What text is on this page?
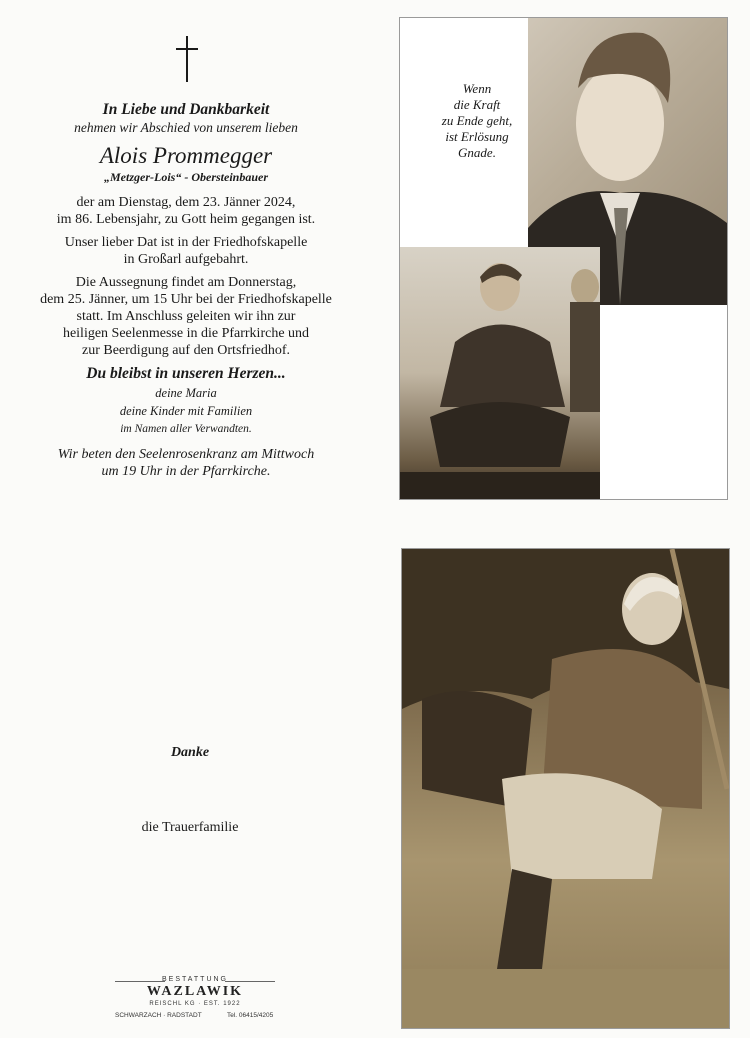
In Liebe und Dankbarkeit

nehmen wir Abschied von unserem lieben

Alois Prommegger

„Metzger-Lois“ - Obersteinbauer

der am Dienstag, dem 23. Jänner 2024,

im 86. Lebensjahr, zu Gott heim gegangen ist.

Unser lieber Dat ist in der Friedhofskapelle

in Großarl aufgebahrt.

Die Aussegnung findet am Donnerstag,

dem 25. Jänner, um 15 Uhr bei der Friedhofskapelle

statt. Im Anschluss geleiten wir ihn zur

heiligen Seelenmesse in die Pfarrkirche und

zur Beerdigung auf den Ortsfriedhof.

Du bleibst in unseren Herzen...

deine Maria

deine Kinder mit Familien

im Namen aller Verwandten.

Wir beten den Seelenrosenkranz am Mittwoch

um 19 Uhr in der Pfarrkirche.

Wenn
die Kraft
zu Ende geht,
ist Erlösung
Gnade.
Danke
die Trauerfamilie
BESTATTUNG
WAZLAWIK
REISCHL KG · EST. 1922
SCHWARZACH · RADSTADT	Tel. 06415/4205
